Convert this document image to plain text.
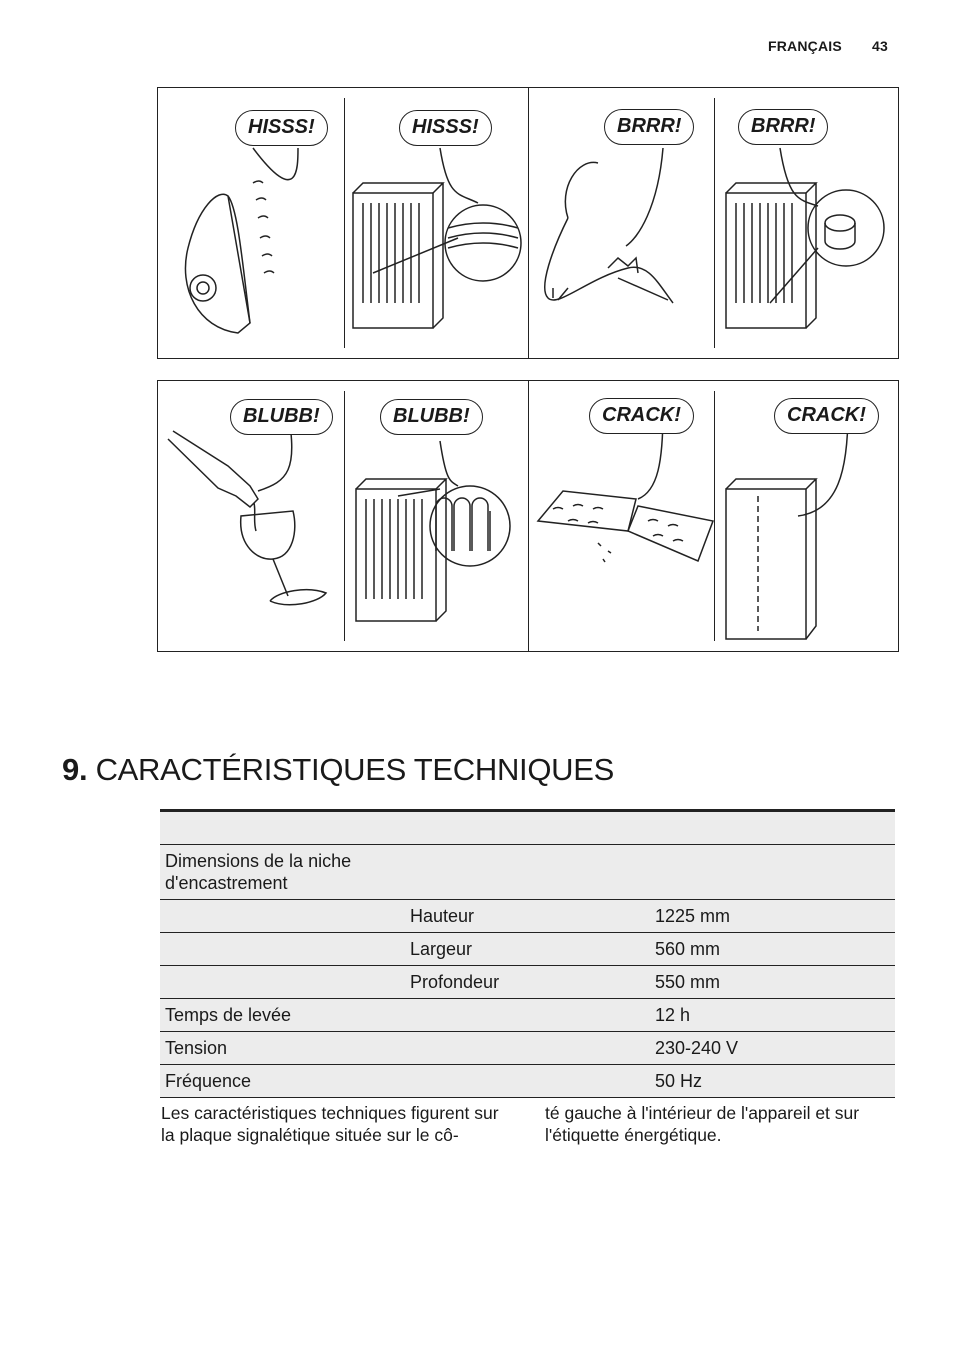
FRANÇAIS 43
HISSS!	HISSS!	BRRR!	BRRR!
BLUBB!	BLUBB!	CRACK!	CRACK!
9. CARACTÉRISTIQUES TECHNIQUES

Dimensions de la niche d'encastrement		
	Hauteur	1225 mm
	Largeur	560 mm
	Profondeur	550 mm
Temps de levée		12 h
Tension		230-240 V
Fréquence		50 Hz

Les caractéristiques techniques figurent sur la plaque signalétique située sur le cô-

té gauche à l'intérieur de l'appareil et sur l'étiquette énergétique.
